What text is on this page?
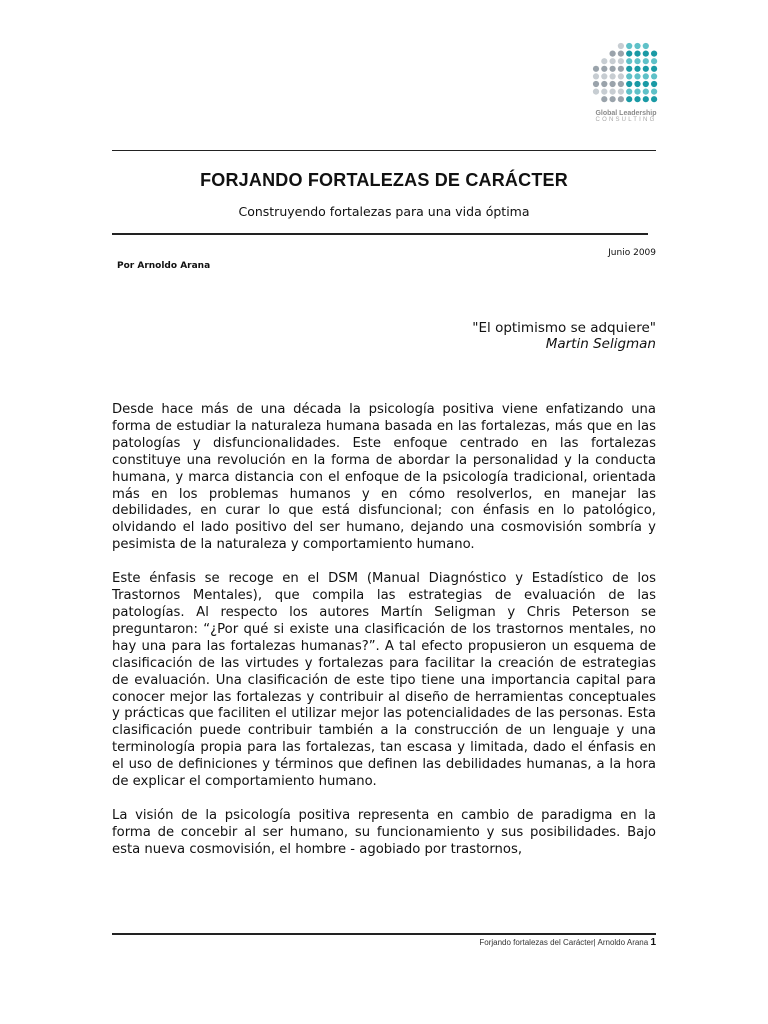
Global Leadership
CONSULTING
FORJANDO FORTALEZAS DE CARÁCTER
Construyendo fortalezas para una vida óptima
Junio 2009
Por Arnoldo Arana
"El optimismo se adquiere"
Martin Seligman

Desde hace más de una década la psicología positiva viene enfatizando una forma de estudiar la naturaleza humana basada en las fortalezas, más que en las patologías y disfuncionalidades. Este enfoque centrado en las fortalezas constituye una revolución en la forma de abordar la personalidad y la conducta humana, y marca distancia con el enfoque de la psicología tradicional, orientada más en los problemas humanos y en cómo resolverlos, en manejar las debilidades, en curar lo que está disfuncional; con énfasis en lo patológico, olvidando el lado positivo del ser humano, dejando una cosmovisión sombría y pesimista de la naturaleza y comportamiento humano.

Este énfasis se recoge en el DSM (Manual Diagnóstico y Estadístico de los Trastornos Mentales), que compila las estrategias de evaluación de las patologías. Al respecto los autores Martín Seligman y Chris Peterson se preguntaron: “¿Por qué si existe una clasificación de los trastornos mentales, no hay una para las fortalezas humanas?”. A tal efecto propusieron un esquema de clasificación de las virtudes y fortalezas para facilitar la creación de estrategias de evaluación. Una clasificación de este tipo tiene una importancia capital para conocer mejor las fortalezas y contribuir al diseño de herramientas conceptuales y prácticas que faciliten el utilizar mejor las potencialidades de las personas. Esta clasificación puede contribuir también a la construcción de un lenguaje y una terminología propia para las fortalezas, tan escasa y limitada, dado el énfasis en el uso de definiciones y términos que definen las debilidades humanas, a la hora de explicar el comportamiento humano.

La visión de la psicología positiva representa en cambio de paradigma en la forma de concebir al ser humano, su funcionamiento y sus posibilidades. Bajo esta nueva cosmovisión, el hombre - agobiado por trastornos,

Forjando fortalezas del Carácter| Arnoldo Arana 1
